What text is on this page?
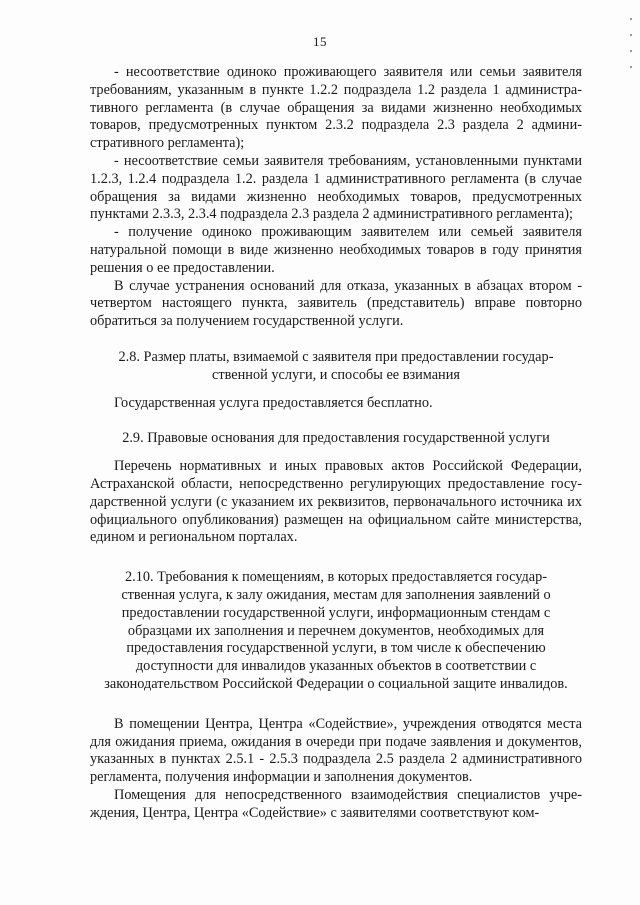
15

- несоответствие одиноко проживающего заявителя или семьи заявителя требованиям, указанным в пункте 1.2.2 подраздела 1.2 раздела 1 административного регламента (в случае обращения за видами жизненно необходимых товаров, предусмотренных пунктом 2.3.2 подраздела 2.3 раздела 2 административного регламента);

- несоответствие семьи заявителя требованиям, установленными пунктами 1.2.3, 1.2.4 подраздела 1.2. раздела 1 административного регламента (в случае обращения за видами жизненно необходимых товаров, предусмотренных пунктами 2.3.3, 2.3.4 подраздела 2.3 раздела 2 административного регламента);

- получение одиноко проживающим заявителем или семьей заявителя натуральной помощи в виде жизненно необходимых товаров в году принятия решения о ее предоставлении.

В случае устранения оснований для отказа, указанных в абзацах втором - четвертом настоящего пункта, заявитель (представитель) вправе повторно обратиться за получением государственной услуги.

2.8. Размер платы, взимаемой с заявителя при предоставлении государственной услуги, и способы ее взимания

Государственная услуга предоставляется бесплатно.

2.9. Правовые основания для предоставления государственной услуги

Перечень нормативных и иных правовых актов Российской Федерации, Астраханской области, непосредственно регулирующих предоставление государственной услуги (с указанием их реквизитов, первоначального источника их официального опубликования) размещен на официальном сайте министерства, едином и региональном порталах.

2.10. Требования к помещениям, в которых предоставляется государственная услуга, к залу ожидания, местам для заполнения заявлений о предоставлении государственной услуги, информационным стендам с образцами их заполнения и перечнем документов, необходимых для предоставления государственной услуги, в том числе к обеспечению доступности для инвалидов указанных объектов в соответствии с законодательством Российской Федерации о социальной защите инвалидов.

В помещении Центра, Центра «Содействие», учреждения отводятся места для ожидания приема, ожидания в очереди при подаче заявления и документов, указанных в пунктах 2.5.1 - 2.5.3 подраздела 2.5 раздела 2 административного регламента, получения информации и заполнения документов.

Помещения для непосредственного взаимодействия специалистов учреждения, Центра, Центра «Содействие» с заявителями соответствуют ком-
